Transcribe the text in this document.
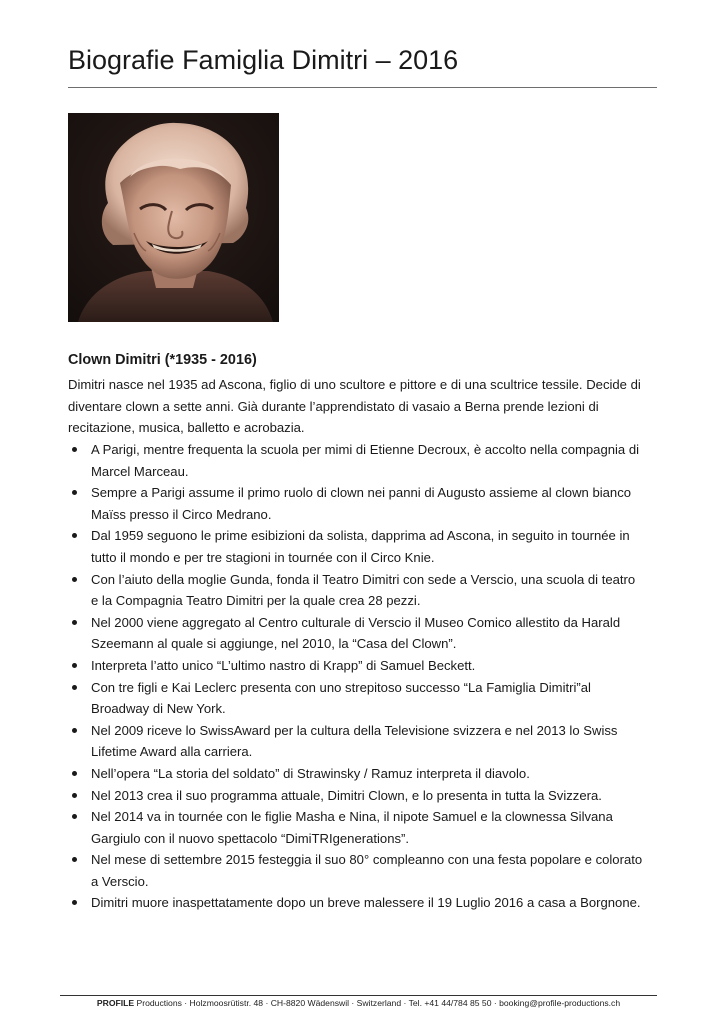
Biografie Famiglia Dimitri – 2016
Clown Dimitri (*1935 - 2016)

Dimitri nasce nel 1935 ad Ascona, figlio di uno scultore e pittore e di una scultrice tessile. Decide di
diventare clown a sette anni. Già durante l’apprendistato di vasaio a Berna prende lezioni di
recitazione, musica, balletto e acrobazia.

A Parigi, mentre frequenta la scuola per mimi di Etienne Decroux, è accolto nella compagnia di
Marcel Marceau.
Sempre a Parigi assume il primo ruolo di clown nei panni di Augusto assieme al clown bianco
Maïss presso il Circo Medrano.
Dal 1959 seguono le prime esibizioni da solista, dapprima ad Ascona, in seguito in tournée in
tutto il mondo e per tre stagioni in tournée con il Circo Knie.
Con l’aiuto della moglie Gunda, fonda il Teatro Dimitri con sede a Verscio, una scuola di teatro
e la Compagnia Teatro Dimitri per la quale crea 28 pezzi.
Nel 2000 viene aggregato al Centro culturale di Verscio il Museo Comico allestito da Harald
Szeemann al quale si aggiunge, nel 2010, la “Casa del Clown”.
Interpreta l’atto unico “L’ultimo nastro di Krapp” di Samuel Beckett.
Con tre figli e Kai Leclerc presenta con uno strepitoso successo “La Famiglia Dimitri”al
Broadway di New York.
Nel 2009 riceve lo SwissAward per la cultura della Televisione svizzera e nel 2013 lo Swiss
Lifetime Award alla carriera.
Nell’opera “La storia del soldato” di Strawinsky / Ramuz interpreta il diavolo.
Nel 2013 crea il suo programma attuale, Dimitri Clown, e lo presenta in tutta la Svizzera.
Nel 2014 va in tournée con le figlie Masha e Nina, il nipote Samuel e la clownessa Silvana
Gargiulo con il nuovo spettacolo “DimiTRIgenerations”.
Nel mese di settembre 2015 festeggia il suo 80° compleanno con una festa popolare e colorato
a Verscio.
Dimitri muore inaspettatamente dopo un breve malessere il 19 Luglio 2016 a casa a Borgnone.
PROFILE Productions · Holzmoosrütistr. 48 · CH-8820 Wädenswil · Switzerland · Tel. +41 44/784 85 50 · booking@profile-productions.ch
